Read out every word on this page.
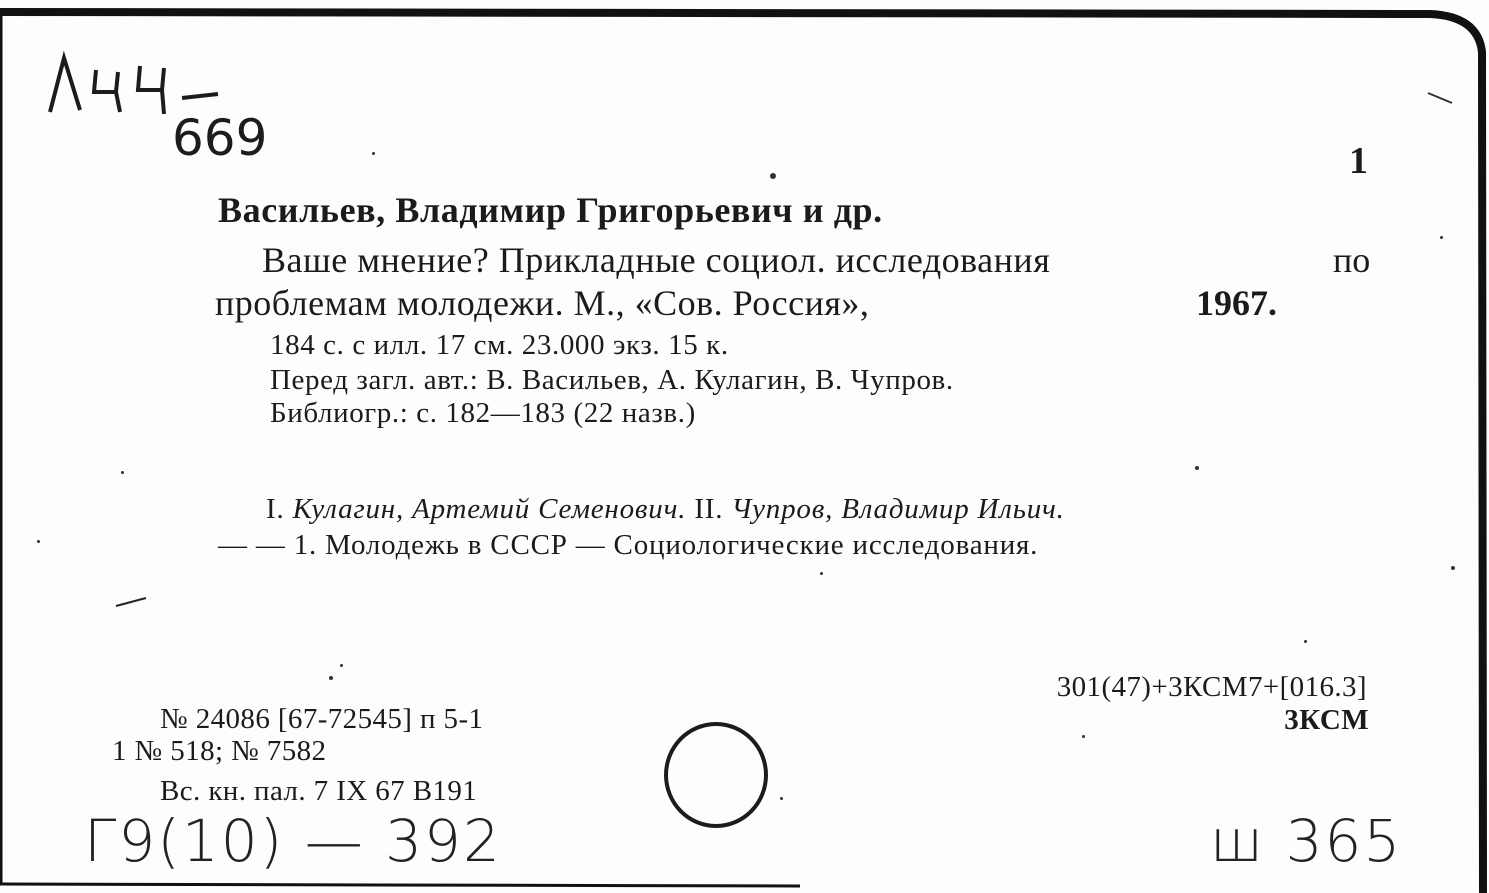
669	1
Васильев, Владимир Григорьевич и др.
Ваше мнение? Прикладные социол. исследования	по
проблемам молодежи. М., «Сов. Россия»,	1967.
184 с. с илл. 17 см. 23.000 экз. 15 к.
Перед загл. авт.: В. Васильев, А. Кулагин, В. Чупров.
Библиогр.: с. 182—183 (22 назв.)
I. Кулагин, Артемий Семенович. II. Чупров, Владимир Ильич.
— — 1. Молодежь в СССР — Социологические исследования.
301(47)+3КСМ7+[016.3]
3КСМ
№ 24086 [67-72545] п 5-1
1 № 518; № 7582
Вс. кн. пал. 7 IX 67 В191
Г9(10) — 392	ш 365
